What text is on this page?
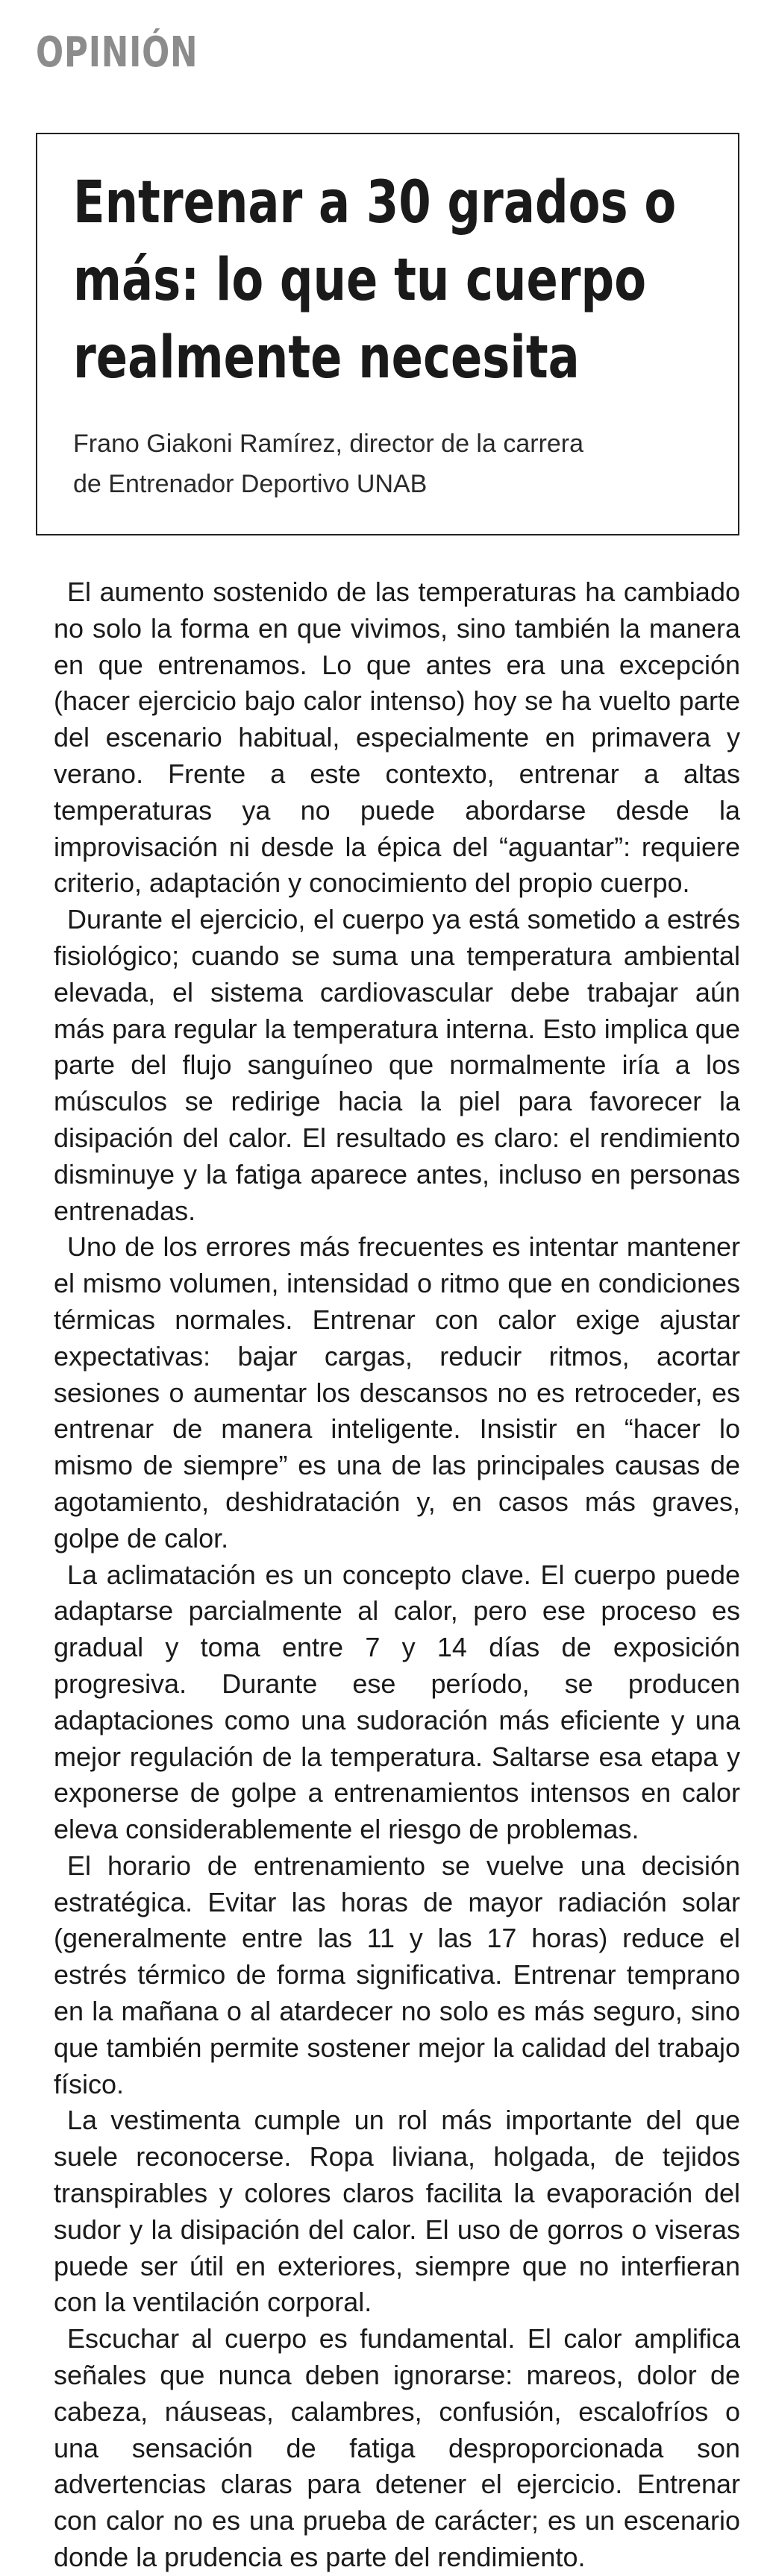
OPINIÓN
Entrenar a 30 grados o
más: lo que tu cuerpo
realmente necesita
Frano Giakoni Ramírez, director de la carrera
de Entrenador Deportivo UNAB

El aumento sostenido de las temperaturas ha cambiado no solo la forma en que vivimos, sino también la manera en que entrenamos. Lo que antes era una excepción (hacer ejercicio bajo calor intenso) hoy se ha vuelto parte del escenario habitual, especialmente en primavera y verano. Frente a este contexto, entrenar a altas temperaturas ya no puede abordarse desde la improvisación ni desde la épica del “aguantar”: requiere criterio, adaptación y conocimiento del propio cuerpo.

Durante el ejercicio, el cuerpo ya está sometido a estrés fisiológico; cuando se suma una temperatura ambiental elevada, el sistema cardiovascular debe trabajar aún más para regular la temperatura interna. Esto implica que parte del flujo sanguíneo que normalmente iría a los músculos se redirige hacia la piel para favorecer la disipación del calor. El resultado es claro: el rendimiento disminuye y la fatiga aparece antes, incluso en personas entrenadas.

Uno de los errores más frecuentes es intentar mantener el mismo volumen, intensidad o ritmo que en condiciones térmicas normales. Entrenar con calor exige ajustar expectativas: bajar cargas, reducir ritmos, acortar sesiones o aumentar los descansos no es retroceder, es entrenar de manera inteligente. Insistir en “hacer lo mismo de siempre” es una de las principales causas de agotamiento, deshidratación y, en casos más graves, golpe de calor.

La aclimatación es un concepto clave. El cuerpo puede adaptarse parcialmente al calor, pero ese proceso es gradual y toma entre 7 y 14 días de exposición progresiva. Durante ese período, se producen adaptaciones como una sudoración más eficiente y una mejor regulación de la temperatura. Saltarse esa etapa y exponerse de golpe a entrenamientos intensos en calor eleva considerablemente el riesgo de problemas.

El horario de entrenamiento se vuelve una decisión estratégica. Evitar las horas de mayor radiación solar (generalmente entre las 11 y las 17 horas) reduce el estrés térmico de forma significativa. Entrenar temprano en la mañana o al atardecer no solo es más seguro, sino que también permite sostener mejor la calidad del trabajo físico.

La vestimenta cumple un rol más importante del que suele reconocerse. Ropa liviana, holgada, de tejidos transpirables y colores claros facilita la evaporación del sudor y la disipación del calor. El uso de gorros o viseras puede ser útil en exteriores, siempre que no interfieran con la ventilación corporal.

Escuchar al cuerpo es fundamental. El calor amplifica señales que nunca deben ignorarse: mareos, dolor de cabeza, náuseas, calambres, confusión, escalofríos o una sensación de fatiga desproporcionada son advertencias claras para detener el ejercicio. Entrenar con calor no es una prueba de carácter; es un escenario donde la prudencia es parte del rendimiento.
